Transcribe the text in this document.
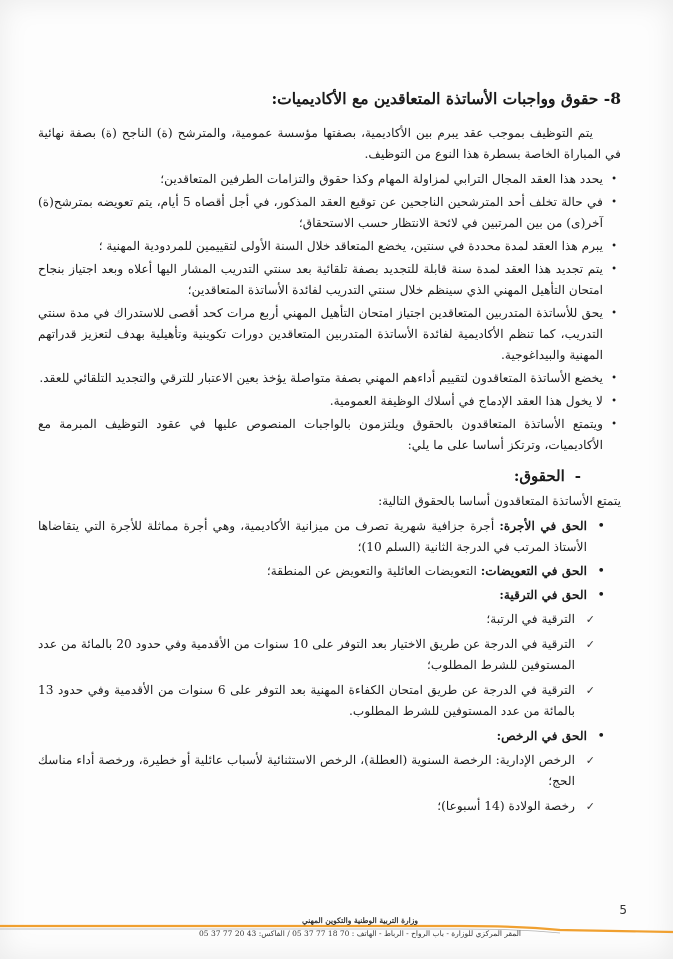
8- حقوق وواجبات الأساتذة المتعاقدين مع الأكاديميات:

يتم التوظيف بموجب عقد يبرم بين الأكاديمية، بصفتها مؤسسة عمومية، والمترشح (ة) الناجح (ة) بصفة نهائية في المباراة الخاصة بسطرة هذا النوع من التوظيف.

•
يحدد هذا العقد المجال الترابي لمزاولة المهام وكذا حقوق والتزامات الطرفين المتعاقدين؛
•
في حالة تخلف أحد المترشحين الناجحين عن توقيع العقد المذكور، في أجل أقصاه 5 أيام، يتم تعويضه بمترشح(ة) آخر(ى) من بين المرتبين في لائحة الانتظار حسب الاستحقاق؛
•
يبرم هذا العقد لمدة محددة في سنتين، يخضع المتعاقد خلال السنة الأولى لتقييمين للمردودية المهنية ؛
•
يتم تجديد هذا العقد لمدة سنة قابلة للتجديد بصفة تلقائية بعد سنتي التدريب المشار اليها أعلاه وبعد اجتياز بنجاح امتحان التأهيل المهني الذي سينظم خلال سنتي التدريب لفائدة الأساتذة المتعاقدين؛
•
يحق للأساتذة المتدربين المتعاقدين اجتياز امتحان التأهيل المهني أربع مرات كحد أقصى للاستدراك في مدة سنتي التدريب، كما تنظم الأكاديمية لفائدة الأساتذة المتدربين المتعاقدين دورات تكوينية وتأهيلية بهدف لتعزيز قدراتهم المهنية والبيداغوجية.
•
يخضع الأساتذة المتعاقدون لتقييم أداءهم المهني بصفة متواصلة يؤخذ بعين الاعتبار للترقي والتجديد التلقائي للعقد.
•
لا يخول هذا العقد الإدماج في أسلاك الوظيفة العمومية.
•
ويتمتع الأساتذة المتعاقدون بالحقوق ويلتزمون بالواجبات المنصوص عليها في عقود التوظيف المبرمة مع الأكاديميات، وترتكز أساسا على ما يلي:
-الحقوق:

يتمتع الأساتذة المتعاقدون أساسا بالحقوق التالية:

•
الحق في الأجرة: أجرة جزافية شهرية تصرف من ميزانية الأكاديمية، وهي أجرة مماثلة للأجرة التي يتقاضاها الأستاذ المرتب في الدرجة الثانية (السلم 10)؛
•
الحق في التعويضات: التعويضات العائلية والتعويض عن المنطقة؛
•
الحق في الترقية:
✓
الترقية في الرتبة؛
✓
الترقية في الدرجة عن طريق الاختيار بعد التوفر على 10 سنوات من الأقدمية وفي حدود 20 بالمائة من عدد المستوفين للشرط المطلوب؛
✓
الترقية في الدرجة عن طريق امتحان الكفاءة المهنية بعد التوفر على 6 سنوات من الأقدمية وفي حدود 13 بالمائة من عدد المستوفين للشرط المطلوب.
•
الحق في الرخص:
✓
الرخص الإدارية: الرخصة السنوية (العطلة)، الرخص الاستثنائية لأسباب عائلية أو خطيرة، ورخصة أداء مناسك الحج؛
✓
رخصة الولادة (14 أسبوعا)؛
5
وزارة التربية الوطنية والتكوين المهني
المقر المركزي للوزارة - باب الرواح - الرباط - الهاتف : 70 18 77 37 05 / الفاكس: 43 20 77 37 05
